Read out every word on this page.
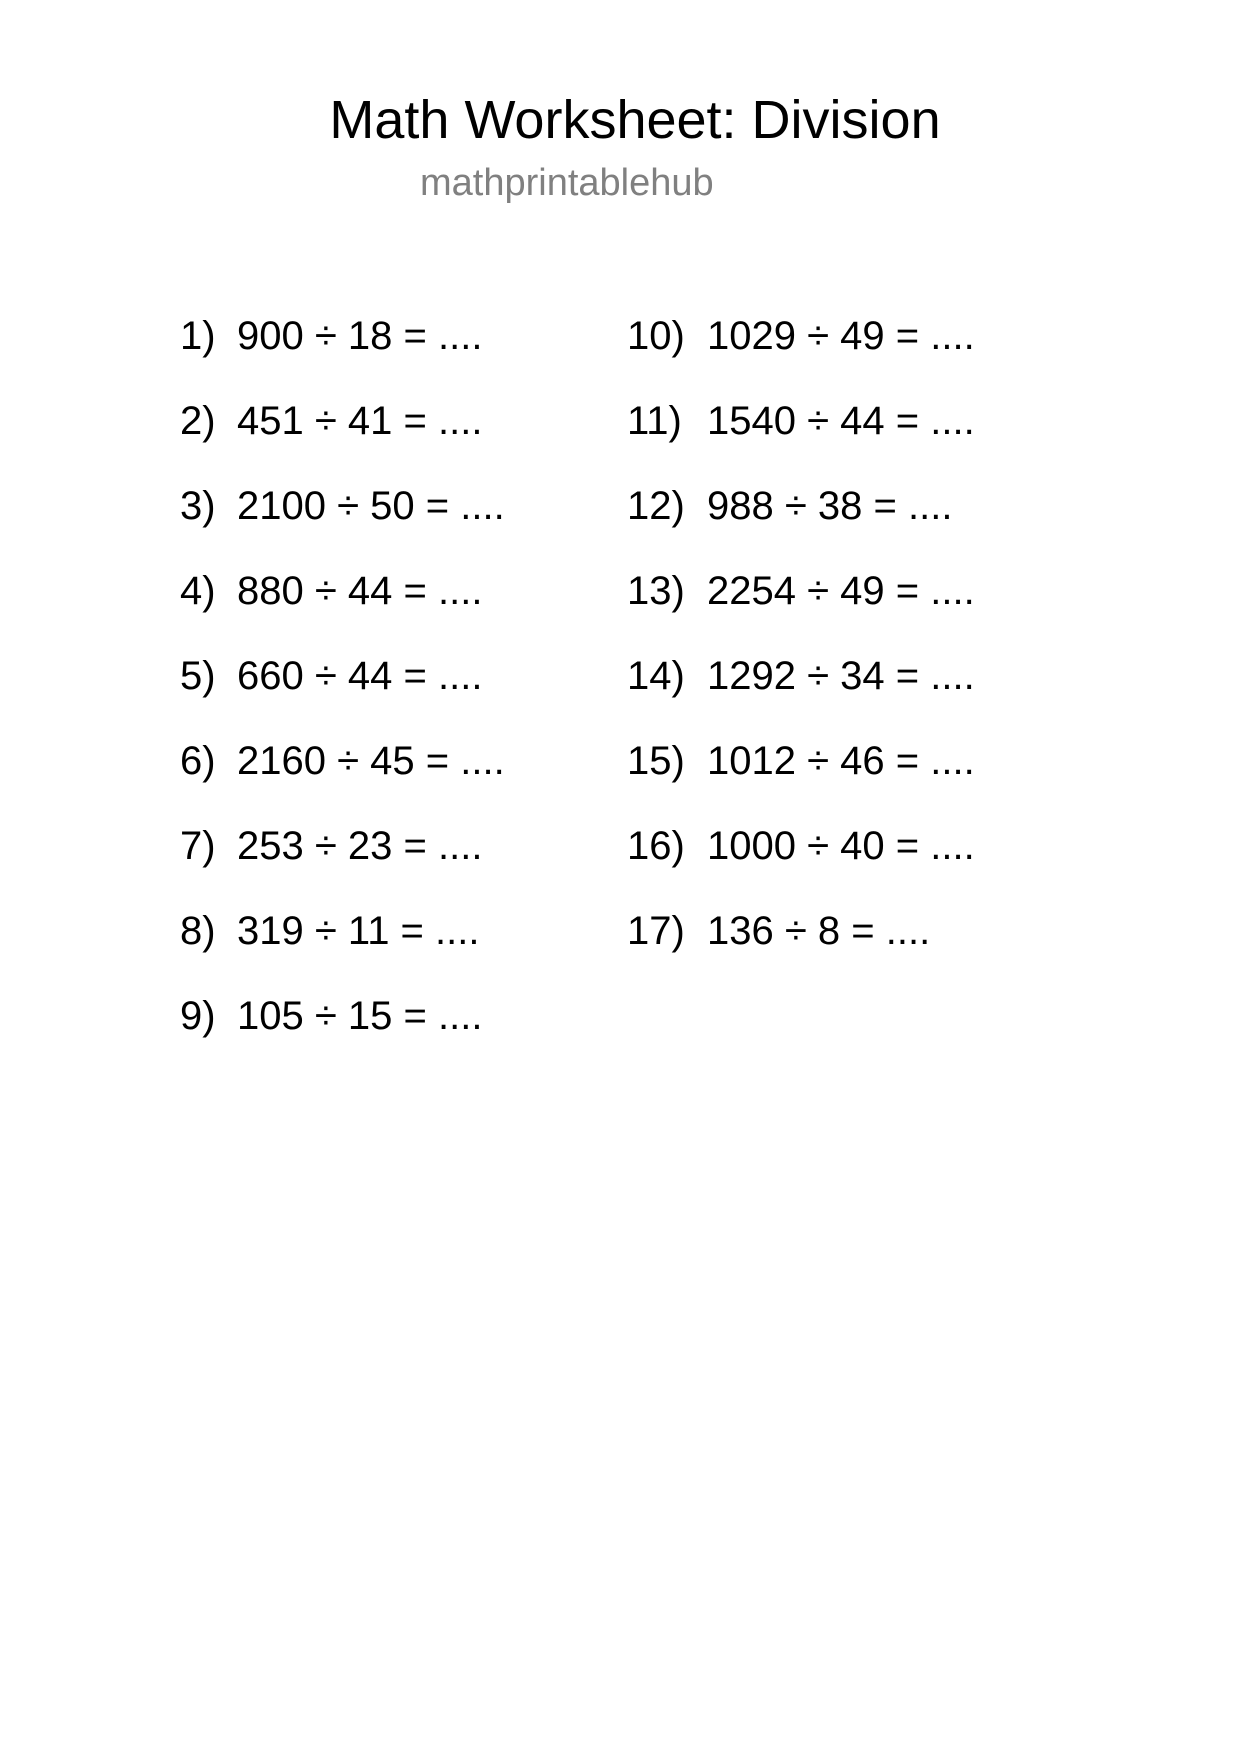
Math Worksheet: Division
mathprintablehub
1) 900 ÷ 18 = ....
2) 451 ÷ 41 = ....
3) 2100 ÷ 50 = ....
4) 880 ÷ 44 = ....
5) 660 ÷ 44 = ....
6) 2160 ÷ 45 = ....
7) 253 ÷ 23 = ....
8) 319 ÷ 11 = ....
9) 105 ÷ 15 = ....
10) 1029 ÷ 49 = ....
11) 1540 ÷ 44 = ....
12) 988 ÷ 38 = ....
13) 2254 ÷ 49 = ....
14) 1292 ÷ 34 = ....
15) 1012 ÷ 46 = ....
16) 1000 ÷ 40 = ....
17) 136 ÷ 8 = ....
